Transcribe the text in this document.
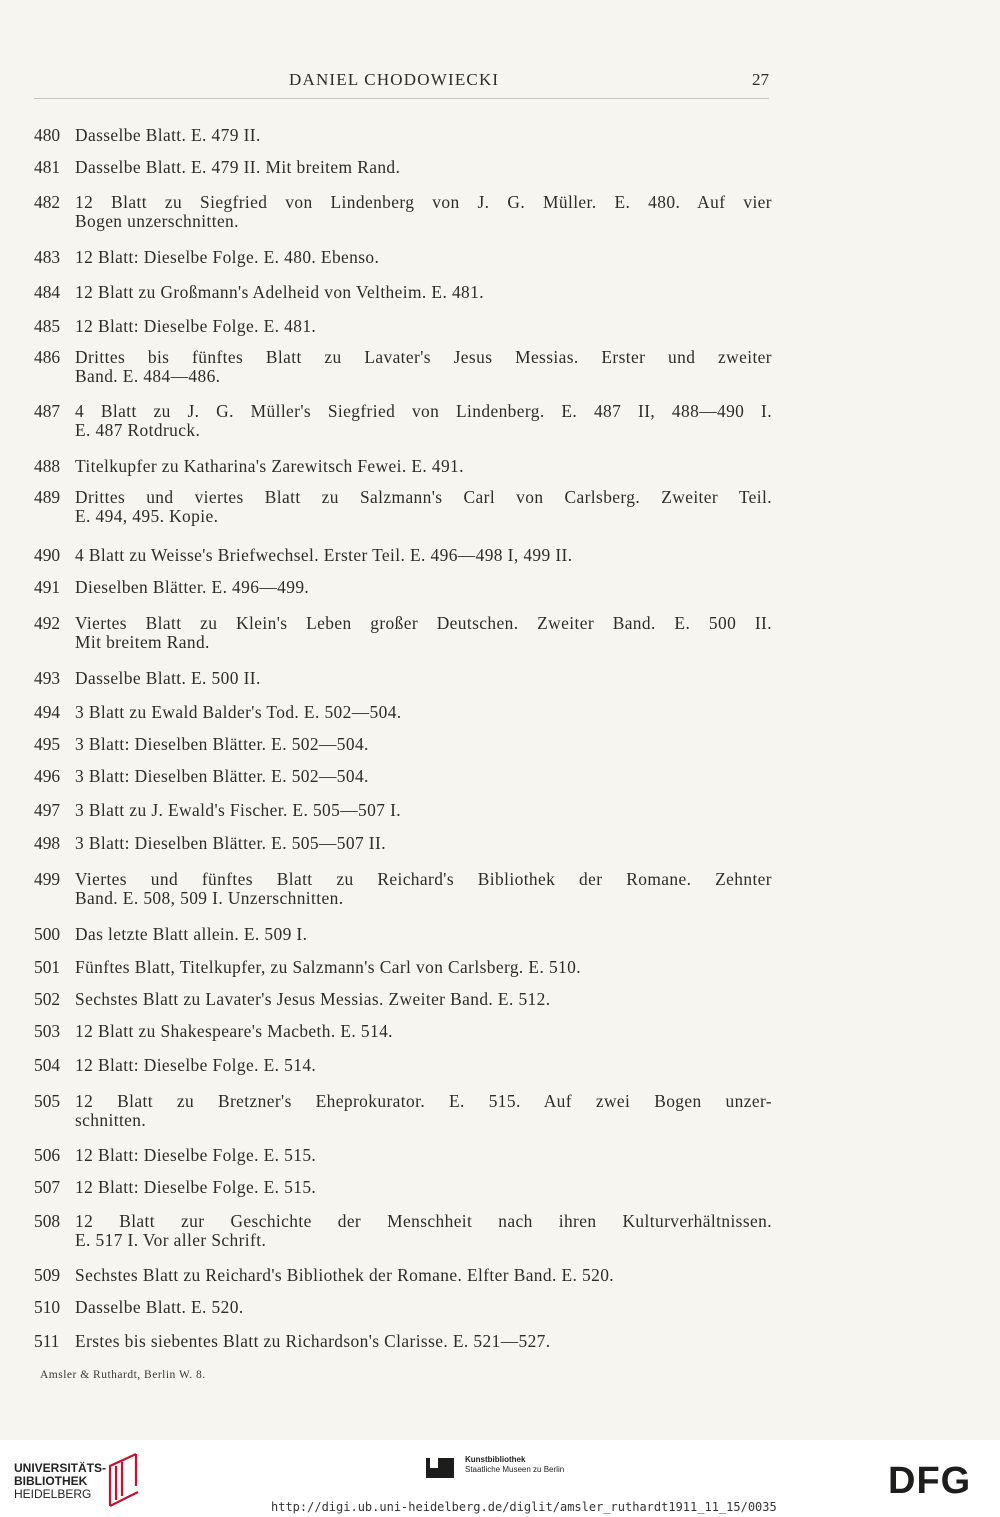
DANIEL CHODOWIECKI	27
480 Dasselbe Blatt. E. 479 II.
481 Dasselbe Blatt. E. 479 II. Mit breitem Rand.
482 12 Blatt zu Siegfried von Lindenberg von J. G. Müller. E. 480. Auf vier
Bogen unzerschnitten.
483 12 Blatt: Dieselbe Folge. E. 480. Ebenso.
484 12 Blatt zu Großmann's Adelheid von Veltheim. E. 481.
485 12 Blatt: Dieselbe Folge. E. 481.
486 Drittes bis fünftes Blatt zu Lavater's Jesus Messias. Erster und zweiter
Band. E. 484—486.
487 4 Blatt zu J. G. Müller's Siegfried von Lindenberg. E. 487 II, 488—490 I.
E. 487 Rotdruck.
488 Titelkupfer zu Katharina's Zarewitsch Fewei. E. 491.
489 Drittes und viertes Blatt zu Salzmann's Carl von Carlsberg. Zweiter Teil.
E. 494, 495. Kopie.
490 4 Blatt zu Weisse's Briefwechsel. Erster Teil. E. 496—498 I, 499 II.
491 Dieselben Blätter. E. 496—499.
492 Viertes Blatt zu Klein's Leben großer Deutschen. Zweiter Band. E. 500 II.
Mit breitem Rand.
493 Dasselbe Blatt. E. 500 II.
494 3 Blatt zu Ewald Balder's Tod. E. 502—504.
495 3 Blatt: Dieselben Blätter. E. 502—504.
496 3 Blatt: Dieselben Blätter. E. 502—504.
497 3 Blatt zu J. Ewald's Fischer. E. 505—507 I.
498 3 Blatt: Dieselben Blätter. E. 505—507 II.
499 Viertes und fünftes Blatt zu Reichard's Bibliothek der Romane. Zehnter
Band. E. 508, 509 I. Unzerschnitten.
500 Das letzte Blatt allein. E. 509 I.
501 Fünftes Blatt, Titelkupfer, zu Salzmann's Carl von Carlsberg. E. 510.
502 Sechstes Blatt zu Lavater's Jesus Messias. Zweiter Band. E. 512.
503 12 Blatt zu Shakespeare's Macbeth. E. 514.
504 12 Blatt: Dieselbe Folge. E. 514.
505 12 Blatt zu Bretzner's Eheprokurator. E. 515. Auf zwei Bogen unzer-
schnitten.
506 12 Blatt: Dieselbe Folge. E. 515.
507 12 Blatt: Dieselbe Folge. E. 515.
508 12 Blatt zur Geschichte der Menschheit nach ihren Kulturverhältnissen.
E. 517 I. Vor aller Schrift.
509 Sechstes Blatt zu Reichard's Bibliothek der Romane. Elfter Band. E. 520.
510 Dasselbe Blatt. E. 520.
511 Erstes bis siebentes Blatt zu Richardson's Clarisse. E. 521—527.
Amsler & Ruthardt, Berlin W. 8.
UNIVERSITÄTS-
BIBLIOTHEK
HEIDELBERG
Kunstbibliothek
Staatliche Museen zu Berlin	DFG
http://digi.ub.uni-heidelberg.de/diglit/amsler_ruthardt1911_11_15/0035
